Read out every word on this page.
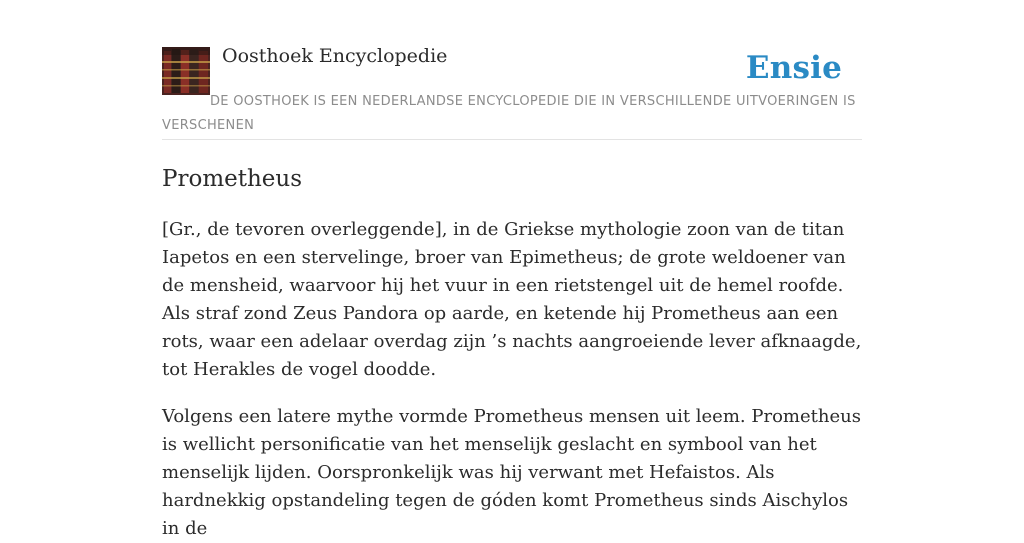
Oosthoek Encyclopedie	Ensie
DE OOSTHOEK IS EEN NEDERLANDSE ENCYCLOPEDIE DIE IN VERSCHILLENDE UITVOERINGEN IS VERSCHENEN
Prometheus

[Gr., de tevoren overleggende], in de Griekse mythologie zoon van de titan Iapetos en een stervelinge, broer van Epimetheus; de grote weldoener van de mensheid, waarvoor hij het vuur in een rietstengel uit de hemel roofde. Als straf zond Zeus Pandora op aarde, en ketende hij Prometheus aan een rots, waar een adelaar overdag zijn ’s nachts aangroeiende lever afknaagde, tot Herakles de vogel doodde.

Volgens een latere mythe vormde Prometheus mensen uit leem. Prometheus is wellicht personificatie van het menselijk geslacht en symbool van het menselijk lijden. Oorspronkelijk was hij verwant met Hefaistos. Als hardnekkig opstandeling tegen de góden komt Prometheus sinds Aischylos in de
